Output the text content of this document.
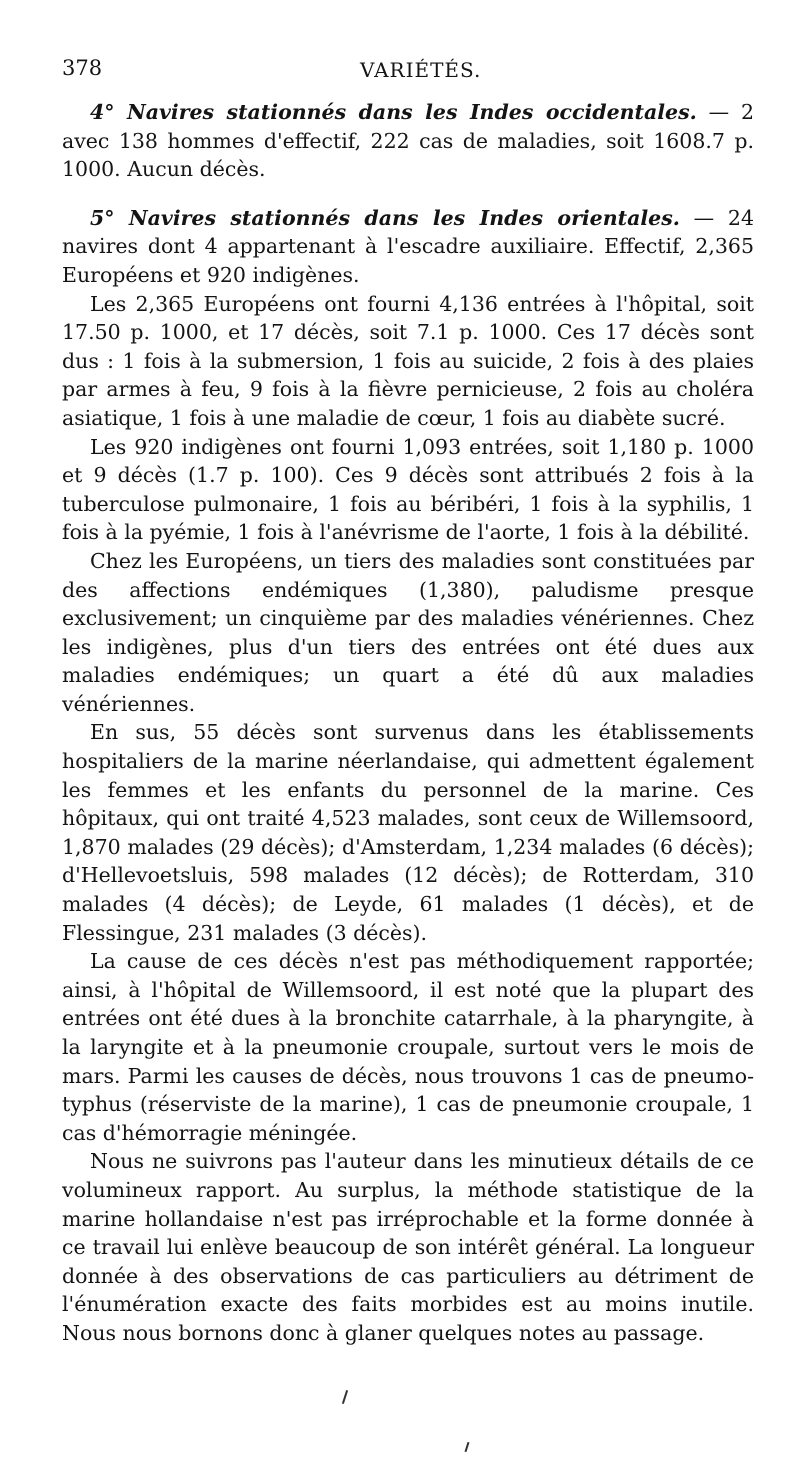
378	VARIÉTÉS.

4° Navires stationnés dans les Indes occidentales. — 2 avec 138 hommes d'effectif, 222 cas de maladies, soit 1608.7 p. 1000. Aucun décès.

5° Navires stationnés dans les Indes orientales. — 24 navires dont 4 appartenant à l'escadre auxiliaire. Effectif, 2,365 Européens et 920 indigènes.

Les 2,365 Européens ont fourni 4,136 entrées à l'hôpital, soit 17.50 p. 1000, et 17 décès, soit 7.1 p. 1000. Ces 17 décès sont dus : 1 fois à la submersion, 1 fois au suicide, 2 fois à des plaies par armes à feu, 9 fois à la fièvre pernicieuse, 2 fois au choléra asiatique, 1 fois à une maladie de cœur, 1 fois au diabète sucré.

Les 920 indigènes ont fourni 1,093 entrées, soit 1,180 p. 1000 et 9 décès (1.7 p. 100). Ces 9 décès sont attribués 2 fois à la tuberculose pulmonaire, 1 fois au béribéri, 1 fois à la syphilis, 1 fois à la pyémie, 1 fois à l'anévrisme de l'aorte, 1 fois à la débilité.

Chez les Européens, un tiers des maladies sont constituées par des affections endémiques (1,380), paludisme presque exclusivement; un cinquième par des maladies vénériennes. Chez les indigènes, plus d'un tiers des entrées ont été dues aux maladies endémiques; un quart a été dû aux maladies vénériennes.

En sus, 55 décès sont survenus dans les établissements hospitaliers de la marine néerlandaise, qui admettent également les femmes et les enfants du personnel de la marine. Ces hôpitaux, qui ont traité 4,523 malades, sont ceux de Willemsoord, 1,870 malades (29 décès); d'Amsterdam, 1,234 malades (6 décès); d'Hellevoetsluis, 598 malades (12 décès); de Rotterdam, 310 malades (4 décès); de Leyde, 61 malades (1 décès), et de Flessingue, 231 malades (3 décès).

La cause de ces décès n'est pas méthodiquement rapportée; ainsi, à l'hôpital de Willemsoord, il est noté que la plupart des entrées ont été dues à la bronchite catarrhale, à la pharyngite, à la laryngite et à la pneumonie croupale, surtout vers le mois de mars. Parmi les causes de décès, nous trouvons 1 cas de pneumo-typhus (réserviste de la marine), 1 cas de pneumonie croupale, 1 cas d'hémorragie méningée.

Nous ne suivrons pas l'auteur dans les minutieux détails de ce volumineux rapport. Au surplus, la méthode statistique de la marine hollandaise n'est pas irréprochable et la forme donnée à ce travail lui enlève beaucoup de son intérêt général. La longueur donnée à des observations de cas particuliers au détriment de l'énumération exacte des faits morbides est au moins inutile. Nous nous bornons donc à glaner quelques notes au passage.
